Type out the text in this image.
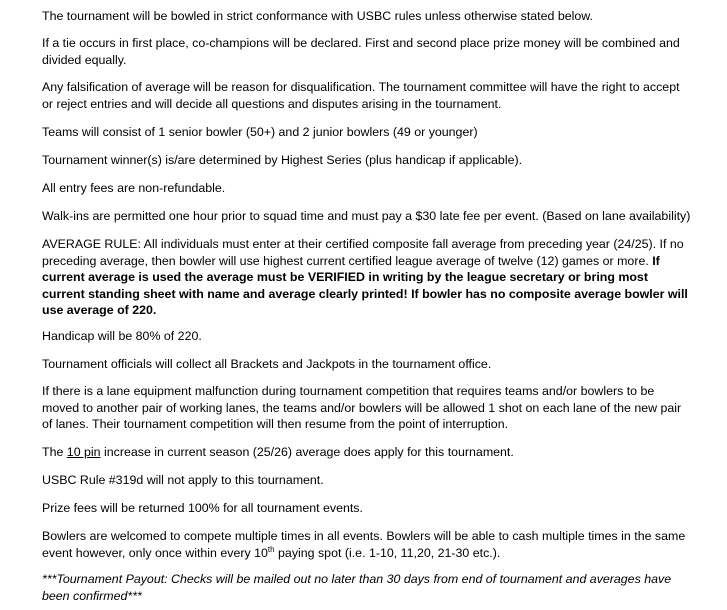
The tournament will be bowled in strict conformance with USBC rules unless otherwise stated below.

If a tie occurs in first place, co-champions will be declared. First and second place prize money will be combined and divided equally.

Any falsification of average will be reason for disqualification. The tournament committee will have the right to accept or reject entries and will decide all questions and disputes arising in the tournament.

Teams will consist of 1 senior bowler (50+) and 2 junior bowlers (49 or younger)

Tournament winner(s) is/are determined by Highest Series (plus handicap if applicable).

All entry fees are non-refundable.

Walk-ins are permitted one hour prior to squad time and must pay a $30 late fee per event. (Based on lane availability)

AVERAGE RULE: All individuals must enter at their certified composite fall average from preceding year (24/25). If no preceding average, then bowler will use highest current certified league average of twelve (12) games or more. If current average is used the average must be VERIFIED in writing by the league secretary or bring most current standing sheet with name and average clearly printed! If bowler has no composite average bowler will use average of 220.

Handicap will be 80% of 220.

Tournament officials will collect all Brackets and Jackpots in the tournament office.

If there is a lane equipment malfunction during tournament competition that requires teams and/or bowlers to be moved to another pair of working lanes, the teams and/or bowlers will be allowed 1 shot on each lane of the new pair of lanes. Their tournament competition will then resume from the point of interruption.

The 10 pin increase in current season (25/26) average does apply for this tournament.

USBC Rule #319d will not apply to this tournament.

Prize fees will be returned 100% for all tournament events.

Bowlers are welcomed to compete multiple times in all events. Bowlers will be able to cash multiple times in the same event however, only once within every 10th paying spot (i.e. 1-10, 11,20, 21-30 etc.).

***Tournament Payout: Checks will be mailed out no later than 30 days from end of tournament and averages have been confirmed***
